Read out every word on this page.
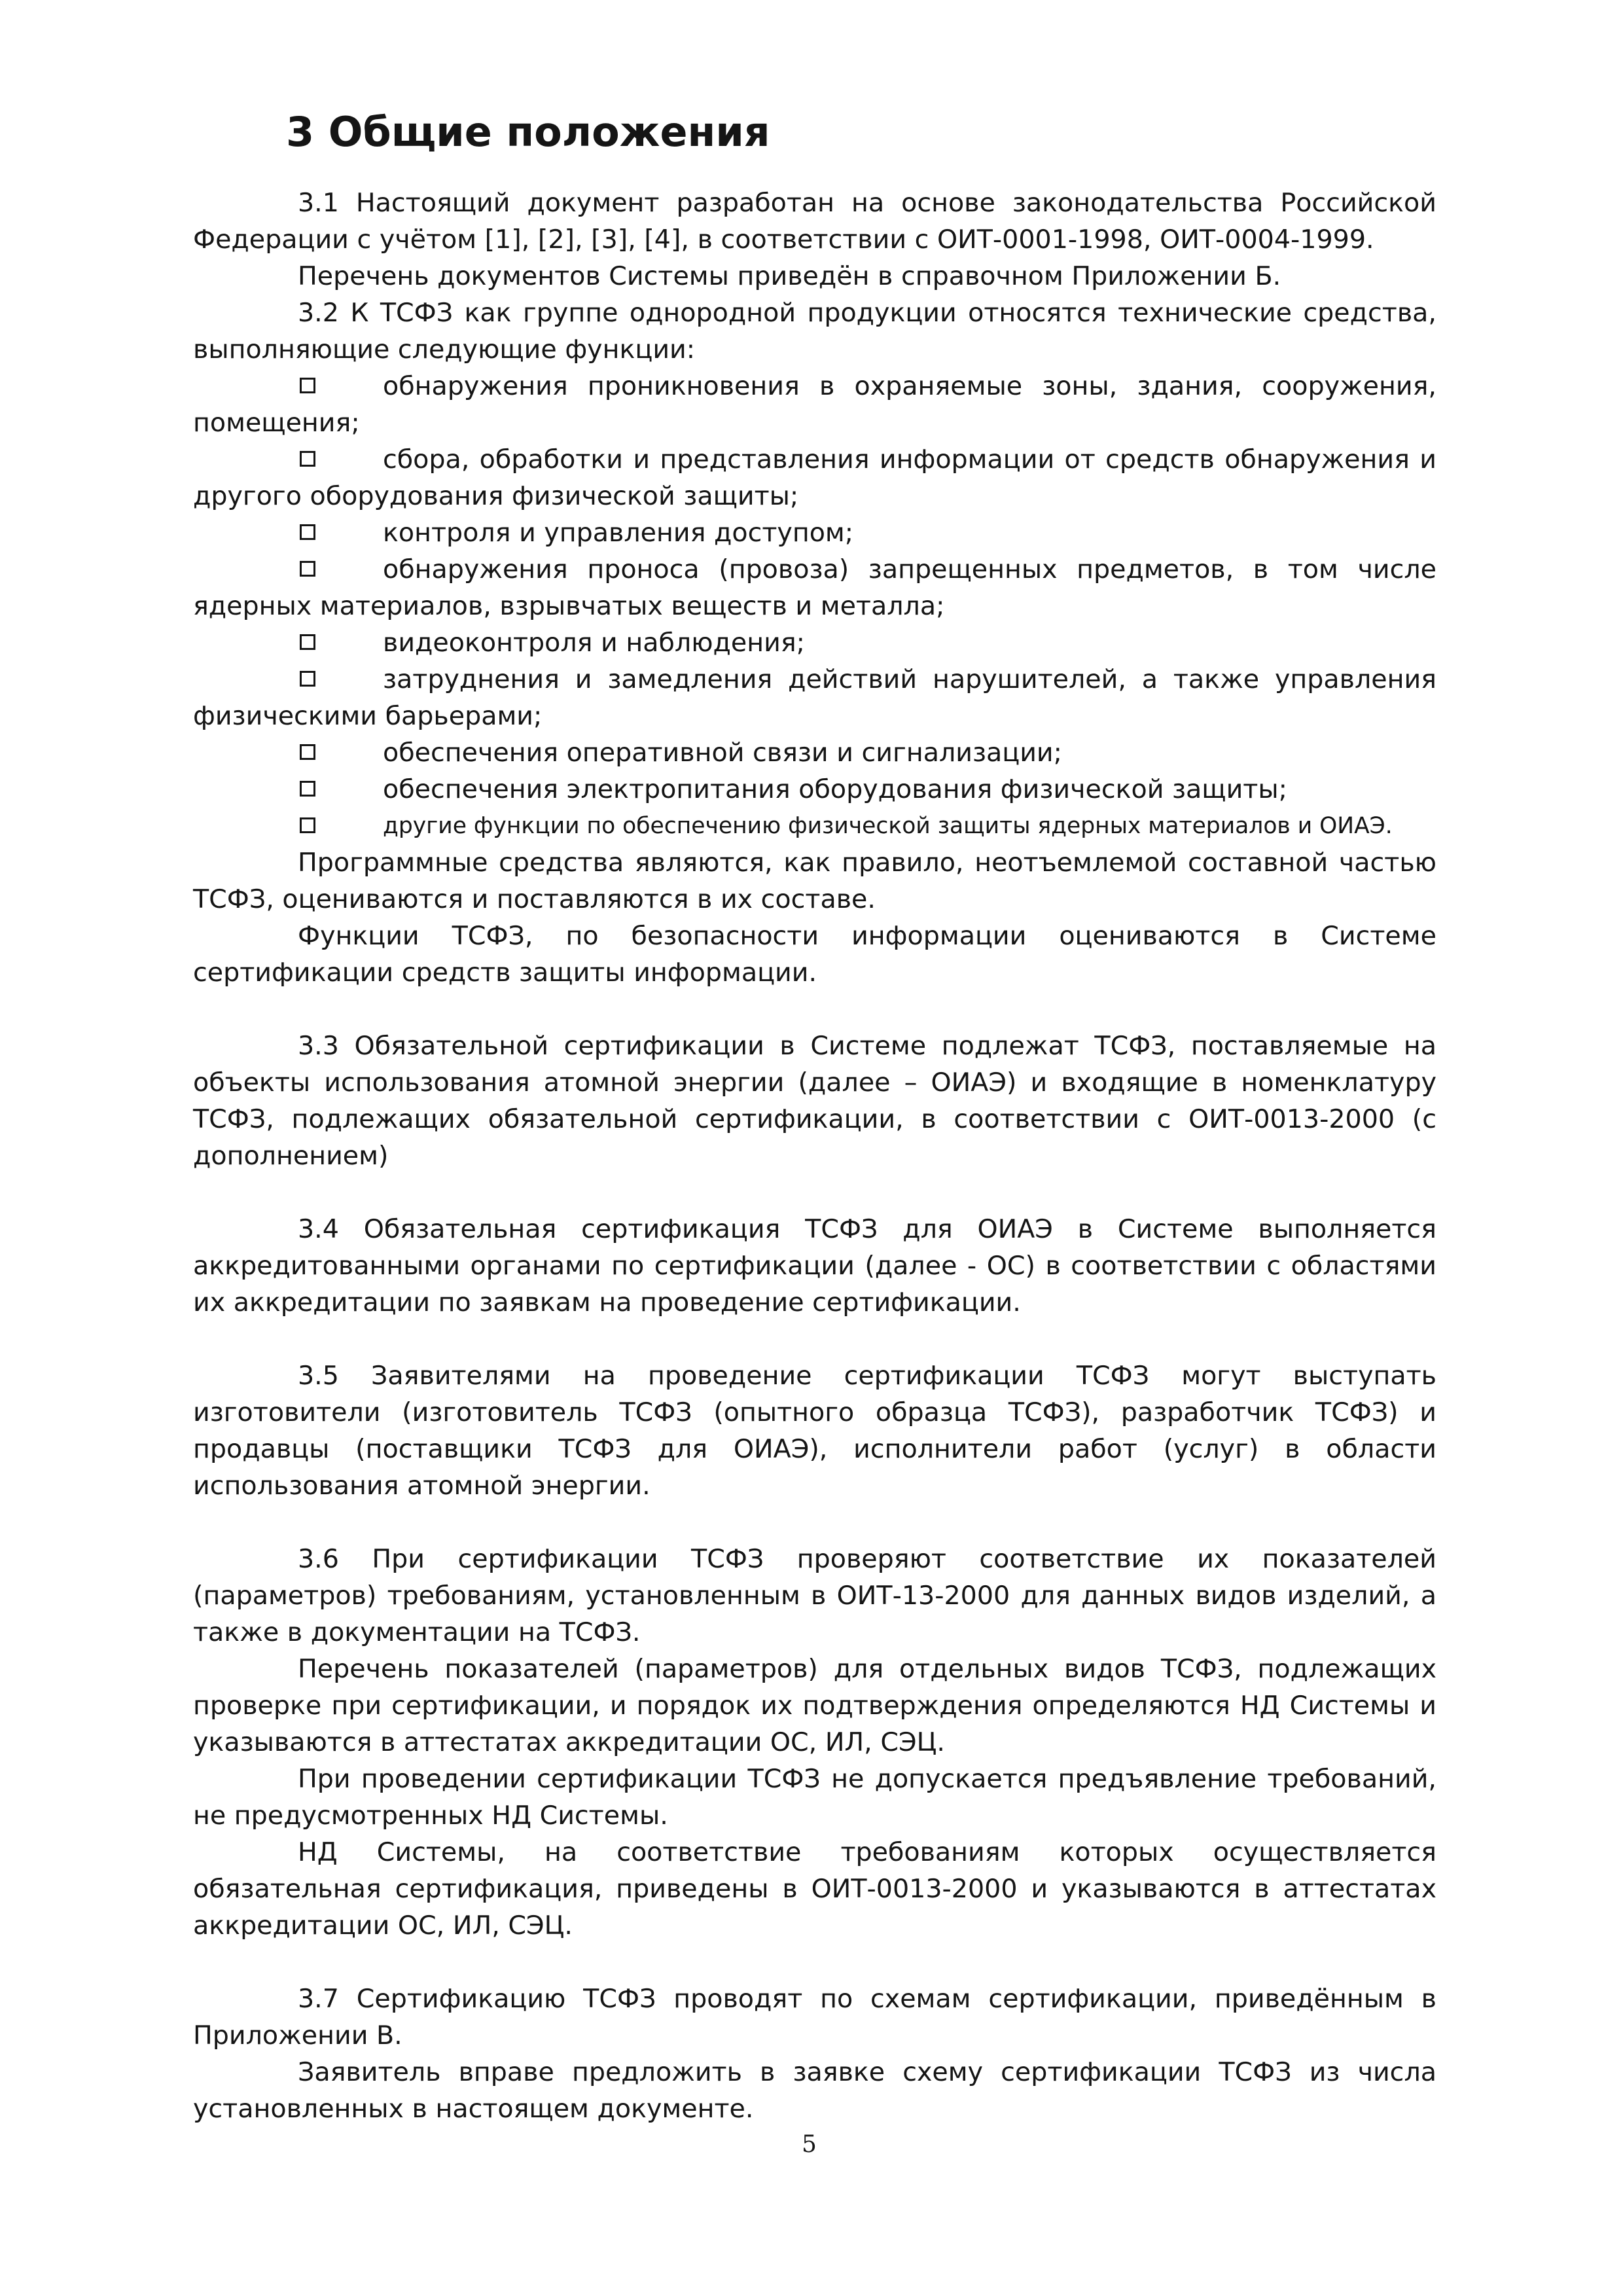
3 Общие положения

3.1 Настоящий документ разработан на основе законодательства Российской Федерации с учётом [1], [2], [3], [4], в соответствии с ОИТ-0001-1998, ОИТ-0004-1999.

Перечень документов Системы приведён в справочном Приложении Б.

3.2 К ТСФЗ как группе однородной продукции относятся технические средства, выполняющие следующие функции:

обнаружения проникновения в охраняемые зоны, здания, сооружения, помещения;

сбора, обработки и представления информации от средств обнаружения и другого оборудования физической защиты;

контроля и управления доступом;

обнаружения проноса (провоза) запрещенных предметов, в том числе ядерных материалов, взрывчатых веществ и металла;

видеоконтроля и наблюдения;

затруднения и замедления действий нарушителей, а также управления физическими барьерами;

обеспечения оперативной связи и сигнализации;

обеспечения электропитания оборудования физической защиты;

другие функции по обеспечению физической защиты ядерных материалов и ОИАЭ.

Программные средства являются, как правило, неотъемлемой составной частью ТСФЗ, оцениваются и поставляются в их составе.

Функции ТСФЗ, по безопасности информации оцениваются в Системе сертификации средств защиты информации.

3.3 Обязательной сертификации в Системе подлежат ТСФЗ, поставляемые на объекты использования атомной энергии (далее – ОИАЭ) и входящие в номенклатуру ТСФЗ, подлежащих обязательной сертификации, в соответствии с ОИТ-0013-2000 (с дополнением)

3.4 Обязательная сертификация ТСФЗ для ОИАЭ в Системе выполняется аккредитованными органами по сертификации (далее - ОС) в соответствии с областями их аккредитации по заявкам на проведение сертификации.

3.5 Заявителями на проведение сертификации ТСФЗ могут выступать изготовители (изготовитель ТСФЗ (опытного образца ТСФЗ), разработчик ТСФЗ) и продавцы (поставщики ТСФЗ для ОИАЭ), исполнители работ (услуг) в области использования атомной энергии.

3.6 При сертификации ТСФЗ проверяют соответствие их показателей (параметров) требованиям, установленным в ОИТ-13-2000 для данных видов изделий, а также в документации на ТСФЗ.

Перечень показателей (параметров) для отдельных видов ТСФЗ, подлежащих проверке при сертификации, и порядок их подтверждения определяются НД Системы и указываются в аттестатах аккредитации ОС, ИЛ, СЭЦ.

При проведении сертификации ТСФЗ не допускается предъявление требований, не предусмотренных НД Системы.

НД Системы, на соответствие требованиям которых осуществляется обязательная сертификация, приведены в ОИТ-0013-2000 и указываются в аттестатах аккредитации ОС, ИЛ, СЭЦ.

3.7 Сертификацию ТСФЗ проводят по схемам сертификации, приведённым в Приложении В.

Заявитель вправе предложить в заявке схему сертификации ТСФЗ из числа установленных в настоящем документе.

5
